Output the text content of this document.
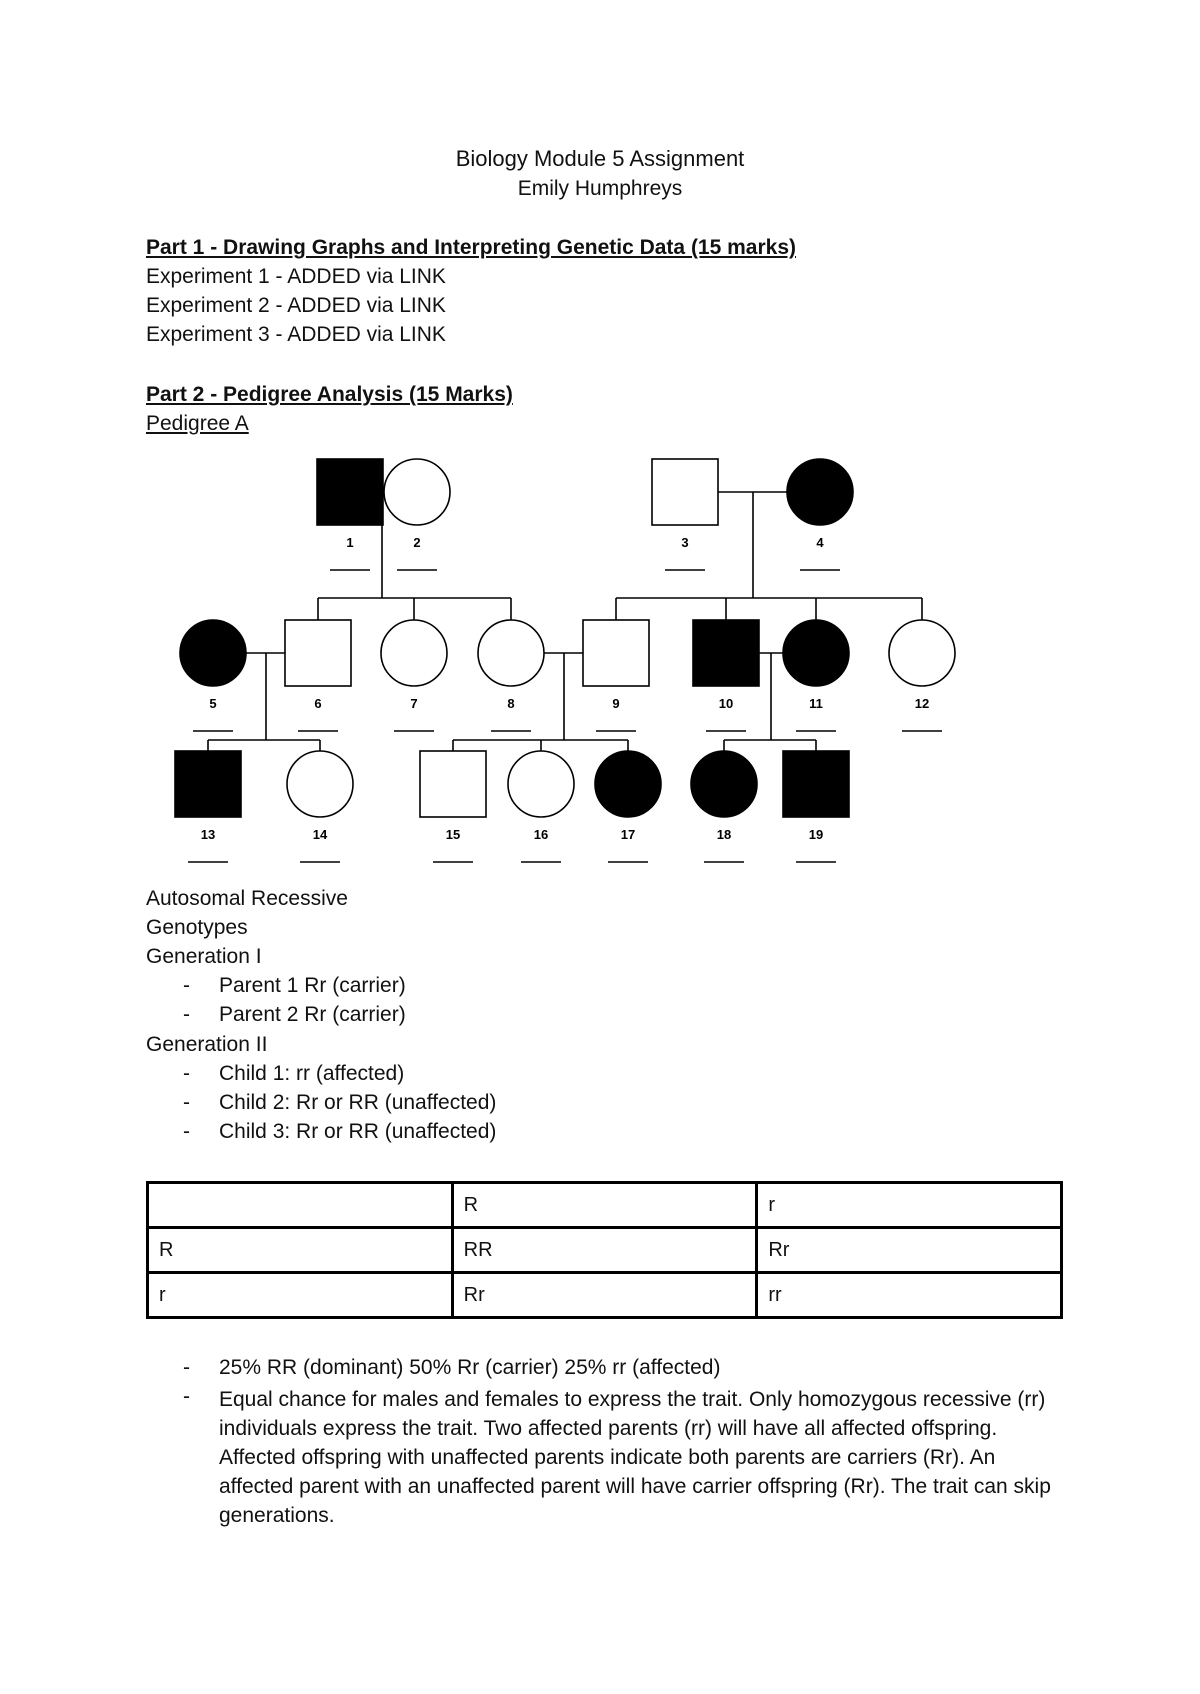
Biology Module 5 Assignment
Emily Humphreys
Part 1 - Drawing Graphs and Interpreting Genetic Data (15 marks)
Experiment 1 - ADDED via LINK
Experiment 2 - ADDED via LINK
Experiment 3 - ADDED via LINK
Part 2 - Pedigree Analysis (15 Marks)
Pedigree A
1	2	3	4
5	6	7	8	9	10	11	12
13	14	15	16	17	18	19
Autosomal Recessive
Genotypes
Generation I
- Parent 1 Rr (carrier)
- Parent 2 Rr (carrier)
Generation II
- Child 1: rr (affected)
- Child 2: Rr or RR (unaffected)
- Child 3: Rr or RR (unaffected)
	R	r
R	RR	Rr
r	Rr	rr
- 25% RR (dominant) 50% Rr (carrier) 25% rr (affected)
- Equal chance for males and females to express the trait. Only homozygous recessive (rr) individuals express the trait. Two affected parents (rr) will have all affected offspring. Affected offspring with unaffected parents indicate both parents are carriers (Rr). An affected parent with an unaffected parent will have carrier offspring (Rr). The trait can skip generations.
